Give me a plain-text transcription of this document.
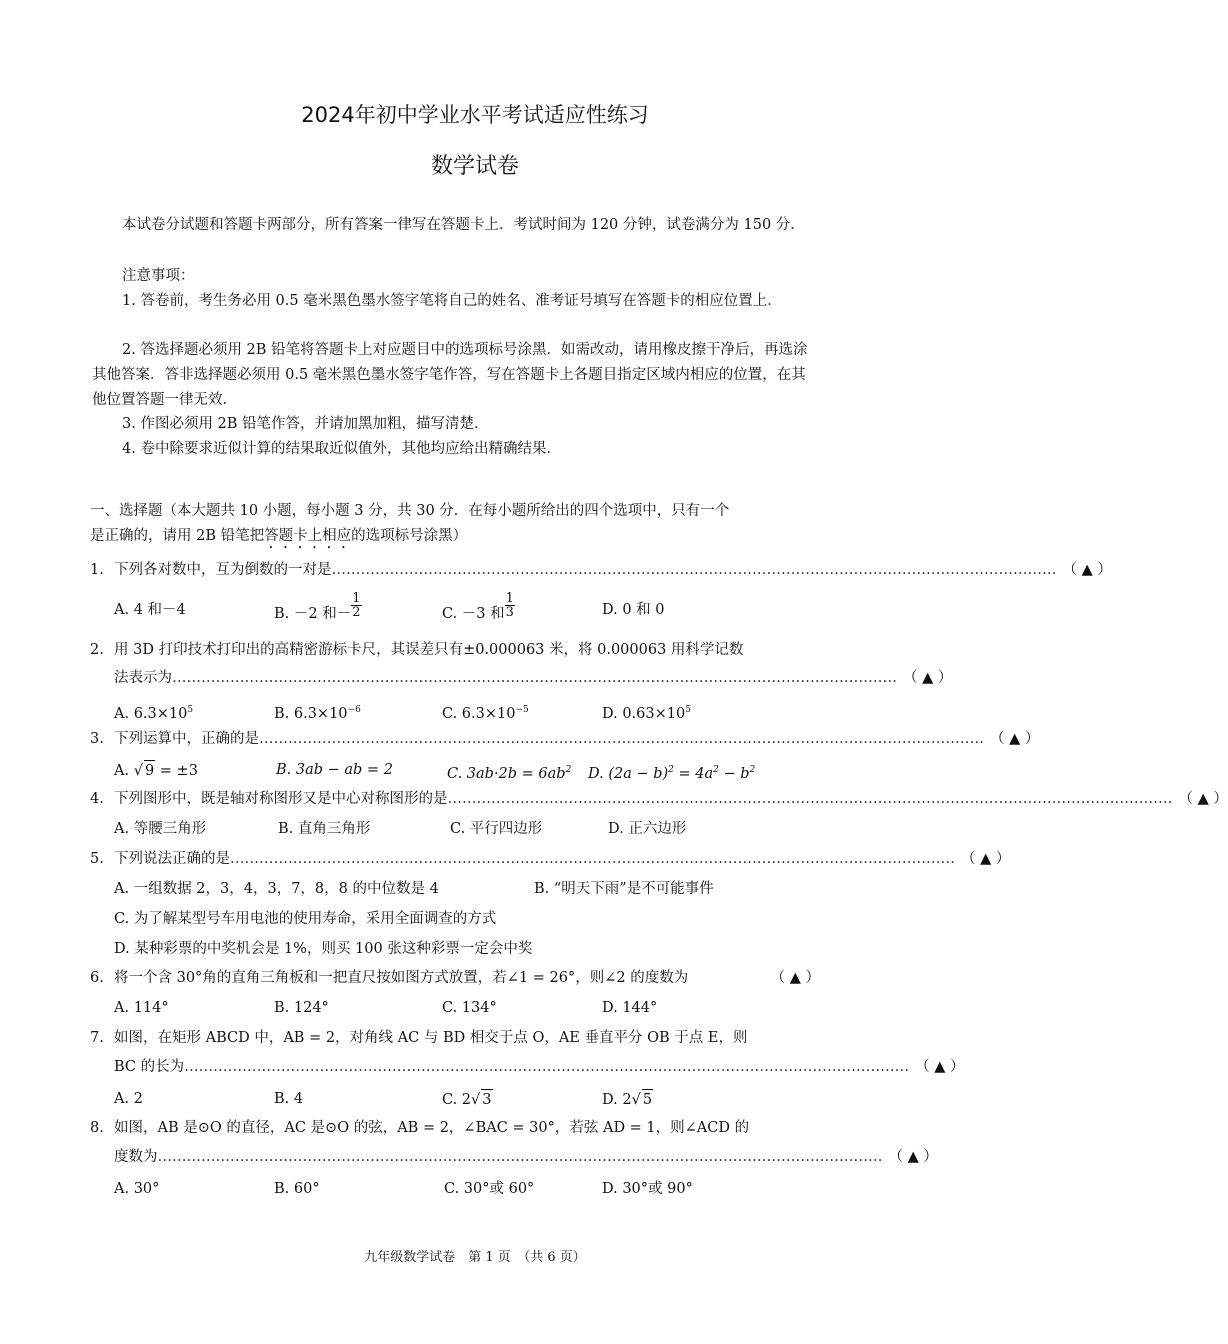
2024年初中学业水平考试适应性练习
数学试卷
本试卷分试题和答题卡两部分，所有答案一律写在答题卡上．考试时间为 120 分钟，试卷满分为 150 分．
注意事项：
1. 答卷前，考生务必用 0.5 毫米黑色墨水签字笔将自己的姓名、准考证号填写在答题卡的相应位置上．
2. 答选择题必须用 2B 铅笔将答题卡上对应题目中的选项标号涂黑．如需改动，请用橡皮擦干净后，再选涂其他答案．答非选择题必须用 0.5 毫米黑色墨水签字笔作答，写在答题卡上各题目指定区域内相应的位置，在其他位置答题一律无效．
3. 作图必须用 2B 铅笔作答，并请加黑加粗，描写清楚．
4. 卷中除要求近似计算的结果取近似值外，其他均应给出精确结果．
一、选择题（本大题共 10 小题，每小题 3 分，共 30 分．在每小题所给出的四个选项中，只有一个
是正确的，请用 2B 铅笔把答题卡上相应的选项标号涂黑）
1. 下列各对数中，互为倒数的一对是 …………………………………………………………………………………………………………………………………… （ ▲ ）
A. 4 和－4	B. －2 和－ $\frac{1}{2}$	C. －3 和 $\frac{1}{3}$	D. 0 和 0
2. 用 3D 打印技术打印出的高精密游标卡尺，其误差只有±0.000063 米，将 0.000063 用科学记数
法表示为 …………………………………………………………………………………………………………………………………… （ ▲ ）
A. $6.3\times 10^5$	B. $6.3\times 10^{-6}$	C. $6.3\times 10^{-5}$	D. $0.63\times 10^5$
3. 下列运算中，正确的是 …………………………………………………………………………………………………………………………………… （ ▲ ）
A. √ 9 = ±3	B. 3ab − ab = 2	C. $3ab\cdot 2b = 6ab^2$ D. $(2a - b)^2 = 4a^2 - b^2$
4. 下列图形中，既是轴对称图形又是中心对称图形的是 …………………………………………………………………………………………………………………………………… （ ▲ ）
A. 等腰三角形	B. 直角三角形	C. 平行四边形	D. 正六边形
5. 下列说法正确的是 …………………………………………………………………………………………………………………………………… （ ▲ ）
A. 一组数据 2，3，4，3，7，8，8 的中位数是 4	B. “明天下雨”是不可能事件
C. 为了解某型号车用电池的使用寿命，采用全面调查的方式
D. 某种彩票的中奖机会是 1%，则买 100 张这种彩票一定会中奖
6. 将一个含 30°角的直角三角板和一把直尺按如图方式放置，若∠1 = 26°，则∠2 的度数为	（ ▲ ）
A. 114°	B. 124°	C. 134°	D. 144°
7. 如图，在矩形 ABCD 中，AB = 2，对角线 AC 与 BD 相交于点 O，AE 垂直平分 OB 于点 E，则
BC 的长为 …………………………………………………………………………………………………………………………………… （ ▲ ）
A. 2	B. 4	C. 2√ 3	D. 2√ 5
8. 如图，AB 是⊙O 的直径，AC 是⊙O 的弦，AB = 2，∠BAC = 30°，若弦 AD = 1，则∠ACD 的
度数为 …………………………………………………………………………………………………………………………………… （ ▲ ）
A. 30°	B. 60°	C. 30°或 60°	D. 30°或 90°
九年级数学试卷　第 1 页　（共 6 页）
